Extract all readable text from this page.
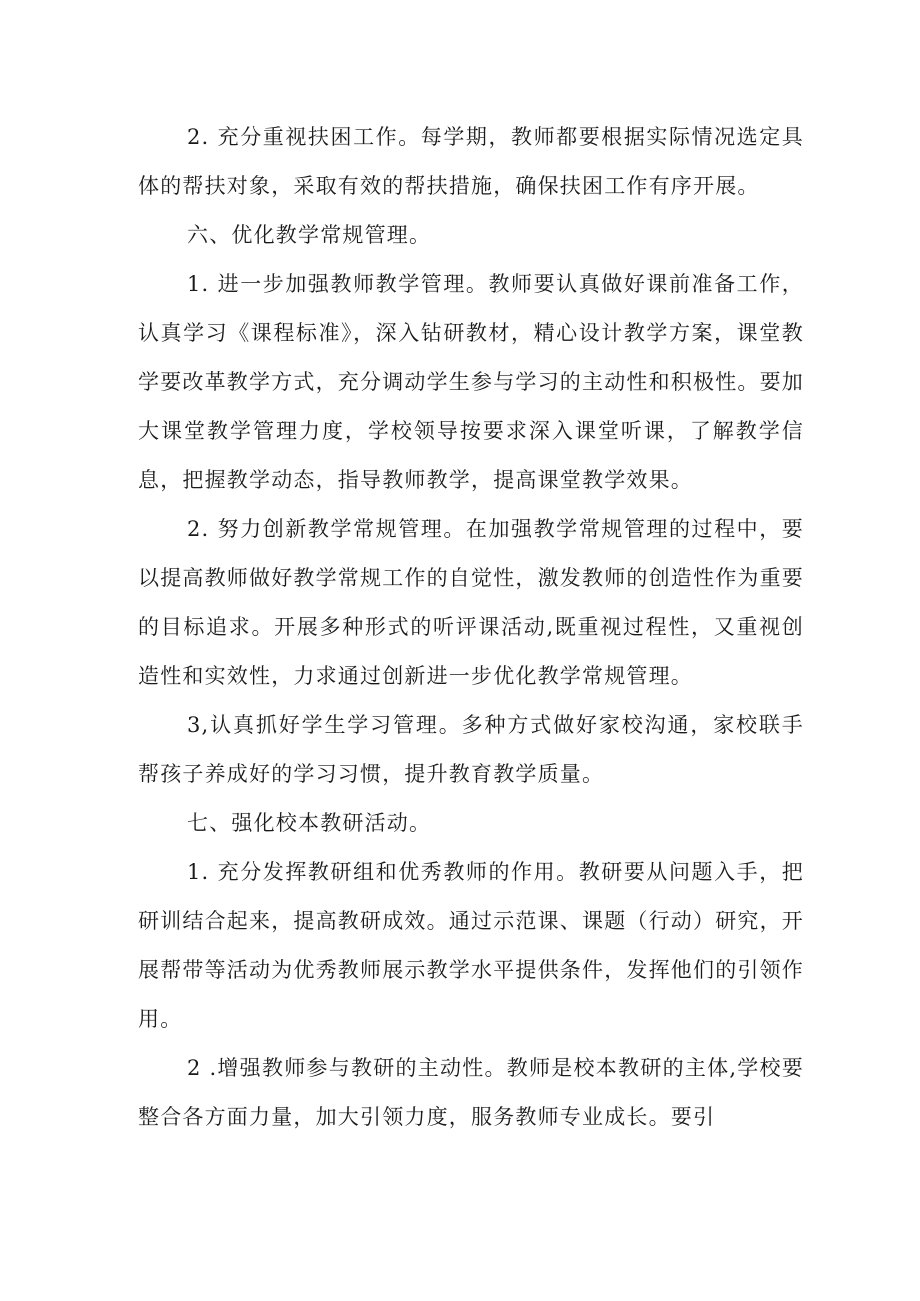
2. 充分重视扶困工作。每学期，教师都要根据实际情况选定具体的帮扶对象，采取有效的帮扶措施，确保扶困工作有序开展。

六、优化教学常规管理。

1. 进一步加强教师教学管理。教师要认真做好课前准备工作，认真学习《课程标准》，深入钻研教材，精心设计教学方案，课堂教学要改革教学方式，充分调动学生参与学习的主动性和积极性。要加大课堂教学管理力度，学校领导按要求深入课堂听课，了解教学信息，把握教学动态，指导教师教学，提高课堂教学效果。

2. 努力创新教学常规管理。在加强教学常规管理的过程中，要以提高教师做好教学常规工作的自觉性，激发教师的创造性作为重要的目标追求。开展多种形式的听评课活动,既重视过程性，又重视创造性和实效性，力求通过创新进一步优化教学常规管理。

3,认真抓好学生学习管理。多种方式做好家校沟通，家校联手帮孩子养成好的学习习惯，提升教育教学质量。

七、强化校本教研活动。

1. 充分发挥教研组和优秀教师的作用。教研要从问题入手，把研训结合起来，提高教研成效。通过示范课、课题（行动）研究，开展帮带等活动为优秀教师展示教学水平提供条件，发挥他们的引领作用。

2 .增强教师参与教研的主动性。教师是校本教研的主体,学校要整合各方面力量，加大引领力度，服务教师专业成长。要引
